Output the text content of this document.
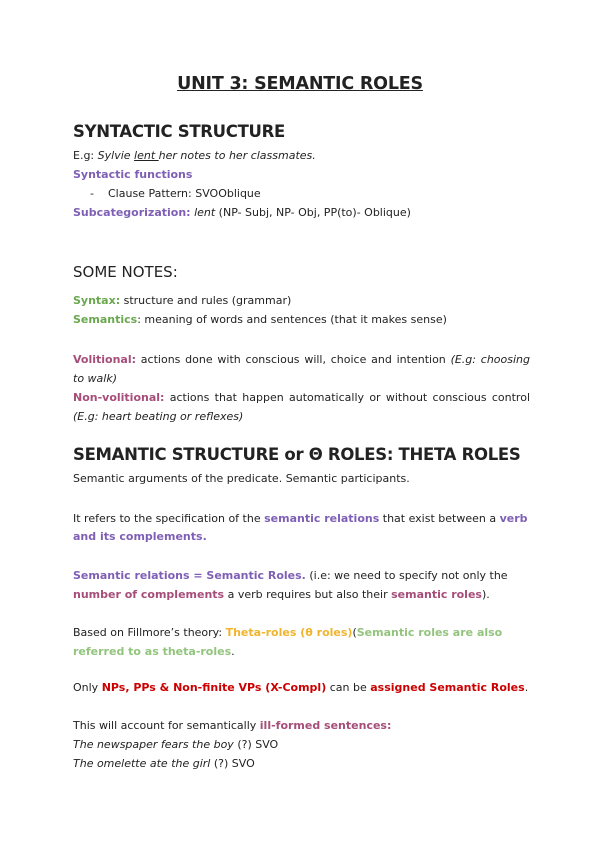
UNIT 3: SEMANTIC ROLES
SYNTACTIC STRUCTURE
E.g: Sylvie lent her notes to her classmates.
Syntactic functions
- Clause Pattern: SVOOblique
Subcategorization: lent (NP- Subj, NP- Obj, PP(to)- Oblique)
SOME NOTES:
Syntax: structure and rules (grammar)
Semantics: meaning of words and sentences (that it makes sense)
Volitional: actions done with conscious will, choice and intention (E.g: choosing to walk)
Non-volitional: actions that happen automatically or without conscious control (E.g: heart beating or reflexes)
SEMANTIC STRUCTURE or Θ ROLES: THETA ROLES
Semantic arguments of the predicate. Semantic participants.
It refers to the specification of the semantic relations that exist between a verb and its complements.
Semantic relations = Semantic Roles. (i.e: we need to specify not only the number of complements a verb requires but also their semantic roles).
Based on Fillmore’s theory: Theta-roles (θ roles)(Semantic roles are also referred to as theta-roles.
Only NPs, PPs & Non-finite VPs (X-Compl) can be assigned Semantic Roles.
This will account for semantically ill-formed sentences:
The newspaper fears the boy (?) SVO
The omelette ate the girl (?) SVO
